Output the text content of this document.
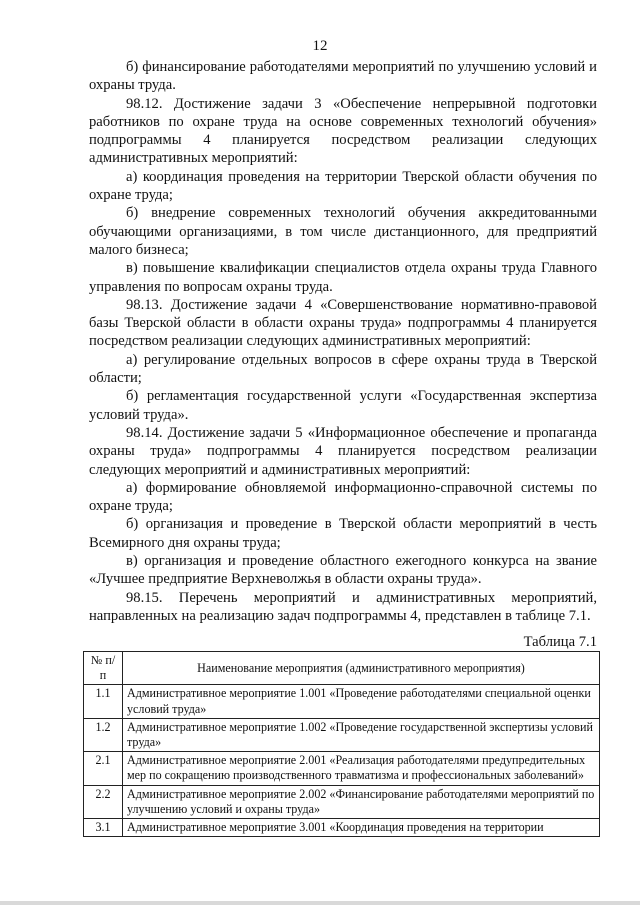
12

б) финансирование работодателями мероприятий по улучшению условий и охраны труда.

98.12. Достижение задачи 3 «Обеспечение непрерывной подготовки работников по охране труда на основе современных технологий обучения» подпрограммы 4 планируется посредством реализации следующих административных мероприятий:

а) координация проведения на территории Тверской области обучения по охране труда;

б) внедрение современных технологий обучения аккредитованными обучающими организациями, в том числе дистанционного, для предприятий малого бизнеса;

в) повышение квалификации специалистов отдела охраны труда Главного управления по вопросам охраны труда.

98.13. Достижение задачи 4 «Совершенствование нормативно-правовой базы Тверской области в области охраны труда» подпрограммы 4 планируется посредством реализации следующих административных мероприятий:

а) регулирование отдельных вопросов в сфере охраны труда в Тверской области;

б) регламентация государственной услуги «Государственная экспертиза условий труда».

98.14. Достижение задачи 5 «Информационное обеспечение и пропаганда охраны труда» подпрограммы 4 планируется посредством реализации следующих мероприятий и административных мероприятий:

а) формирование обновляемой информационно-справочной системы по охране труда;

б) организация и проведение в Тверской области мероприятий в честь Всемирного дня охраны труда;

в) организация и проведение областного ежегодного конкурса на звание «Лучшее предприятие Верхневолжья в области охраны труда».

98.15. Перечень мероприятий и административных мероприятий, направленных на реализацию задач подпрограммы 4, представлен в таблице 7.1.

Таблица 7.1
№ п/п	Наименование мероприятия (административного мероприятия)
1.1	Административное мероприятие 1.001 «Проведение работодателями специальной оценки условий труда»
1.2	Административное мероприятие 1.002 «Проведение государственной экспертизы условий труда»
2.1	Административное мероприятие 2.001 «Реализация работодателями предупредительных мер по сокращению производственного травматизма и профессиональных заболеваний»
2.2	Административное мероприятие 2.002 «Финансирование работодателями мероприятий по улучшению условий и охраны труда»
3.1	Административное мероприятие 3.001 «Координация проведения на территории
